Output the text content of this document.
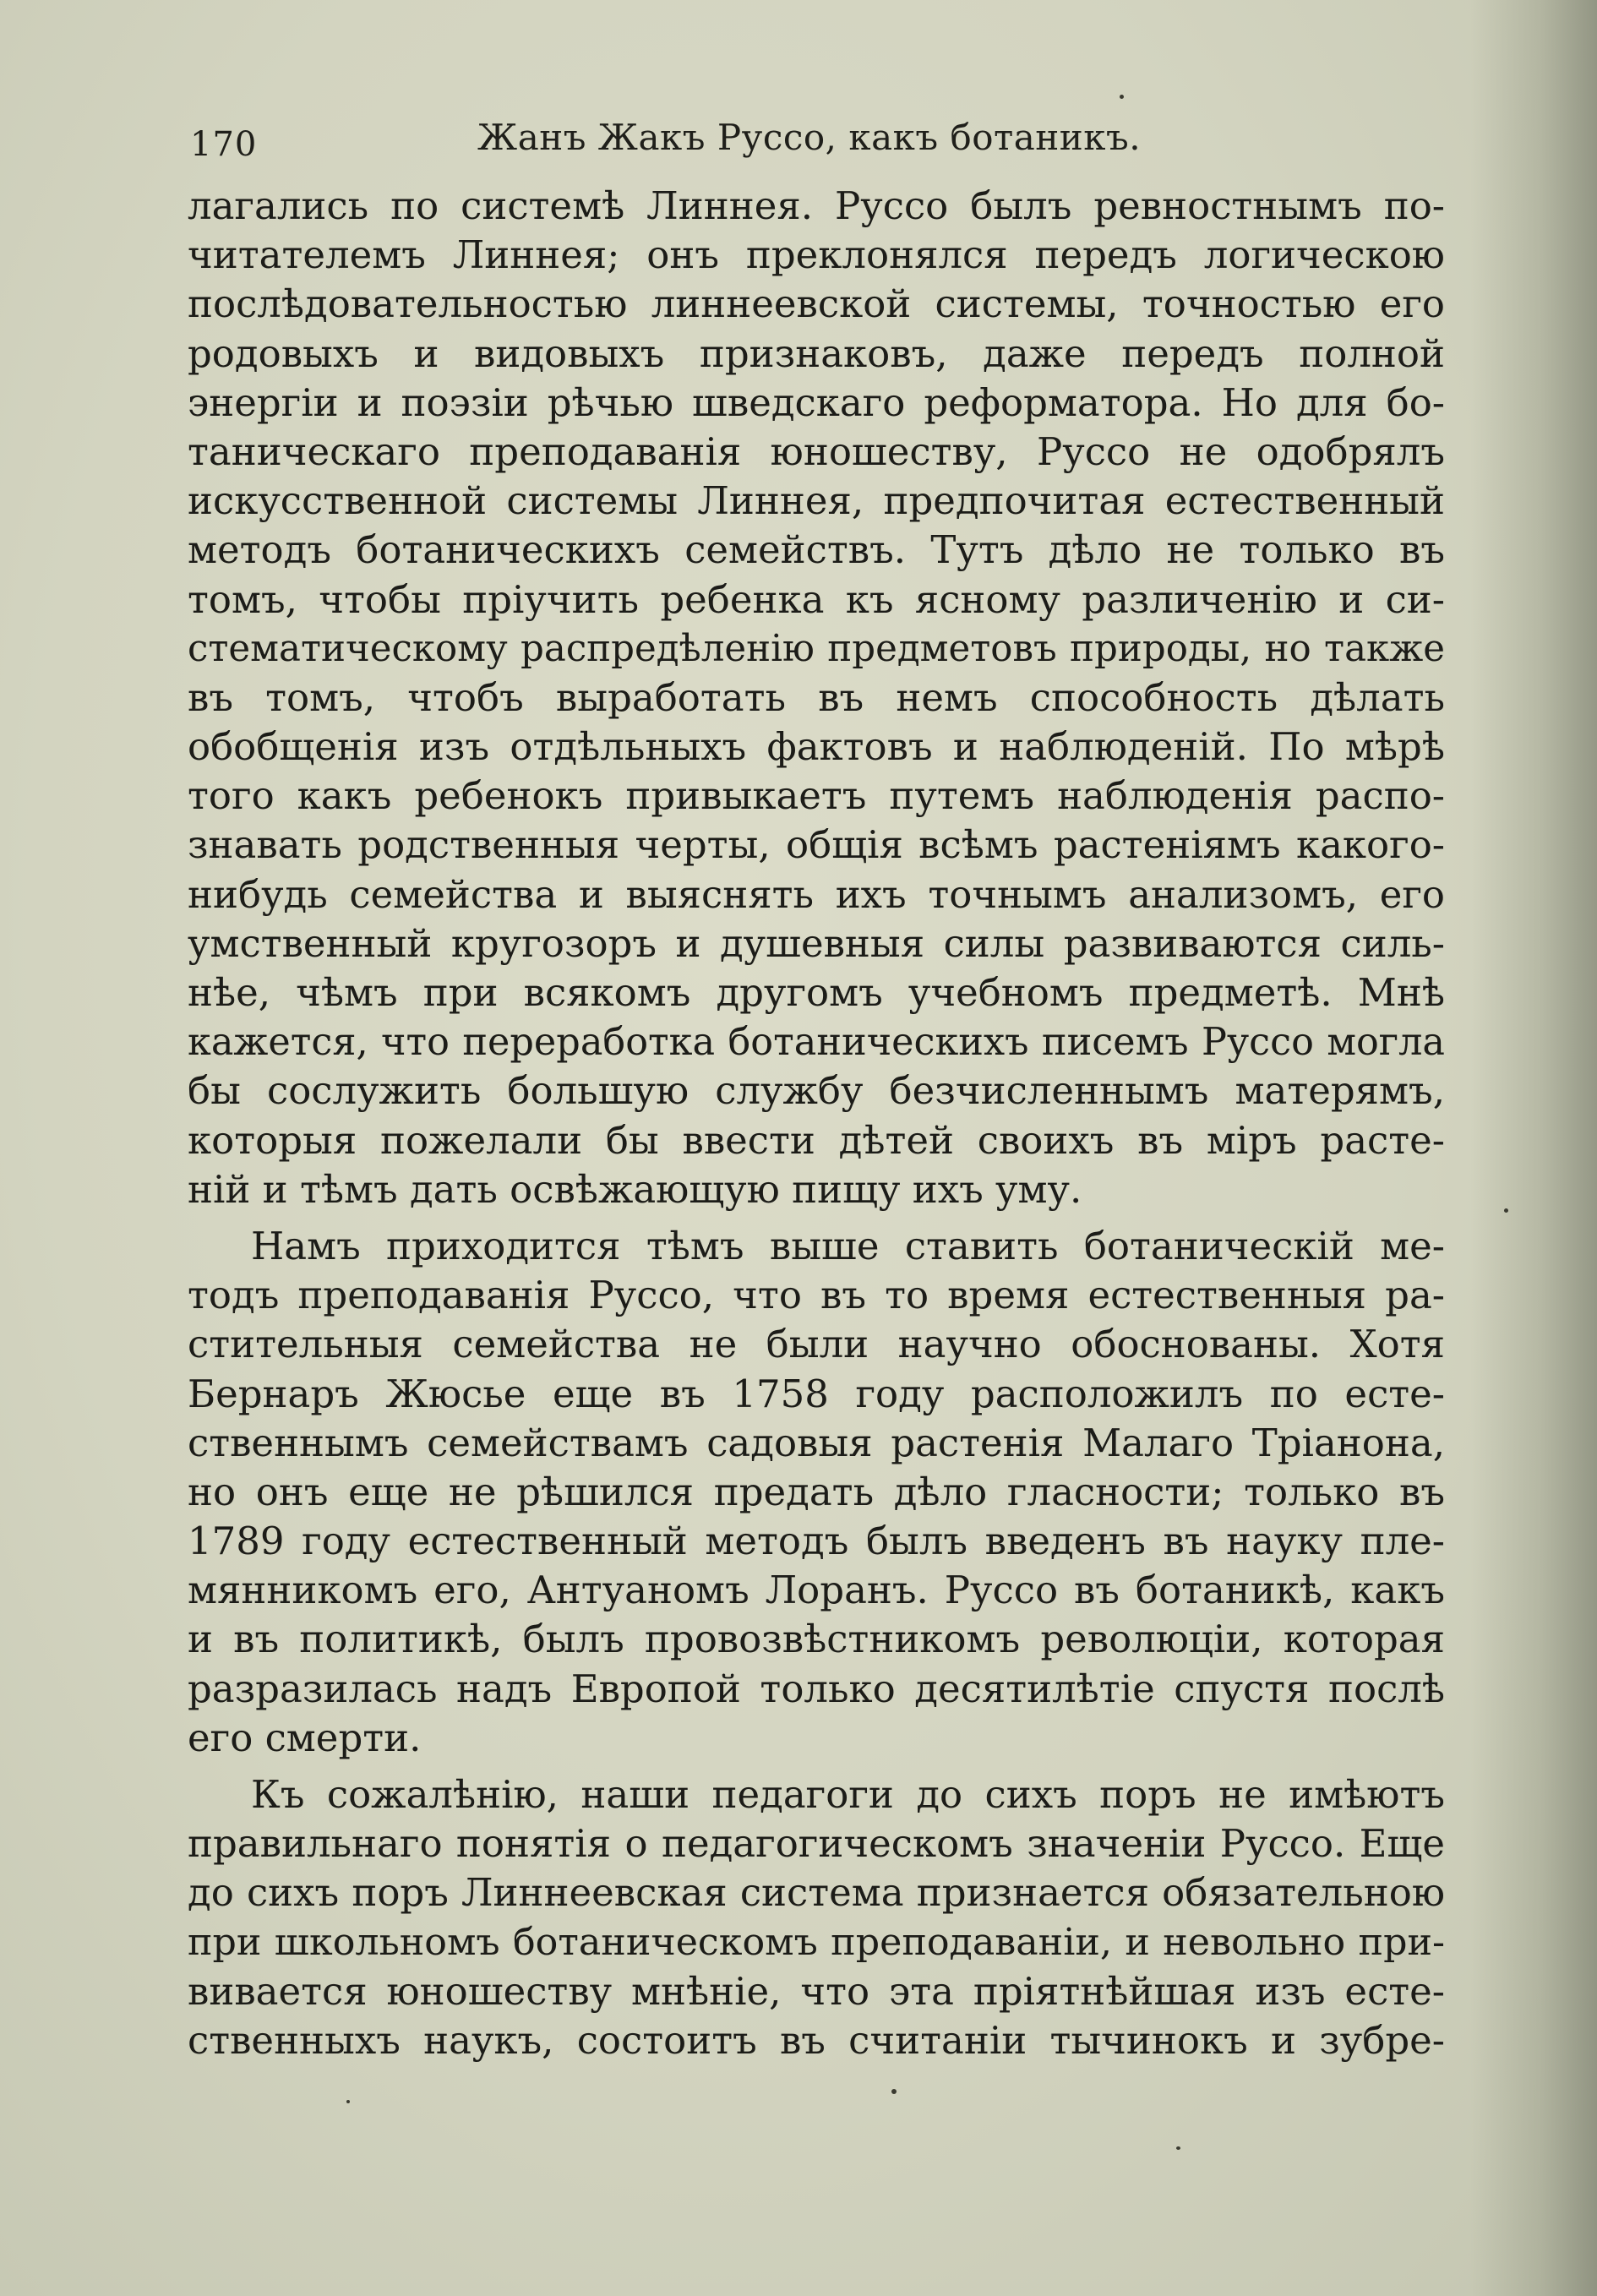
170	Жанъ Жакъ Руссо, какъ ботаникъ.
лагались по системѣ Линнея. Руссо былъ ревностнымъ по-
читателемъ Линнея; онъ преклонялся передъ логическою
послѣдовательностью линнеевской системы, точностью его
родовыхъ и видовыхъ признаковъ, даже передъ полной
энергiи и поэзiи рѣчью шведскаго реформатора. Но для бо-
таническаго преподаванiя юношеству, Руссо не одобрялъ
искусственной системы Линнея, предпочитая естественный
методъ ботаническихъ семействъ. Тутъ дѣло не только въ
томъ, чтобы прiучить ребенка къ ясному различенiю и си-
стематическому распредѣленiю предметовъ природы, но также
въ томъ, чтобъ выработать въ немъ способность дѣлать
обобщенiя изъ отдѣльныхъ фактовъ и наблюденiй. По мѣрѣ
того какъ ребенокъ привыкаетъ путемъ наблюденiя распо-
знавать родственныя черты, общiя всѣмъ растенiямъ какого-
нибудь семейства и выяснять ихъ точнымъ анализомъ, его
умственный кругозоръ и душевныя силы развиваются силь-
нѣе, чѣмъ при всякомъ другомъ учебномъ предметѣ. Мнѣ
кажется, что переработка ботаническихъ писемъ Руссо могла
бы сослужить большую службу безчисленнымъ матерямъ,
которыя пожелали бы ввести дѣтей своихъ въ мiръ расте-
нiй и тѣмъ дать освѣжающую пищу ихъ уму.
Намъ приходится тѣмъ выше ставить ботаническiй ме-
тодъ преподаванiя Руссо, что въ то время естественныя ра-
стительныя семейства не были научно обоснованы. Хотя
Бернаръ Жюсье еще въ 1758 году расположилъ по есте-
ственнымъ семействамъ садовыя растенiя Малаго Трiанона,
но онъ еще не рѣшился предать дѣло гласности; только въ
1789 году естественный методъ былъ введенъ въ науку пле-
мянникомъ его, Антуаномъ Лоранъ. Руссо въ ботаникѣ, какъ
и въ политикѣ, былъ провозвѣстникомъ революцiи, которая
разразилась надъ Европой только десятилѣтiе спустя послѣ
его смерти.
Къ сожалѣнiю, наши педагоги до сихъ поръ не имѣютъ
правильнаго понятiя о педагогическомъ значенiи Руссо. Еще
до сихъ поръ Линнеевская система признается обязательною
при школьномъ ботаническомъ преподаванiи, и невольно при-
вивается юношеству мнѣнiе, что эта прiятнѣйшая изъ есте-
ственныхъ наукъ, состоитъ въ считанiи тычинокъ и зубре-
